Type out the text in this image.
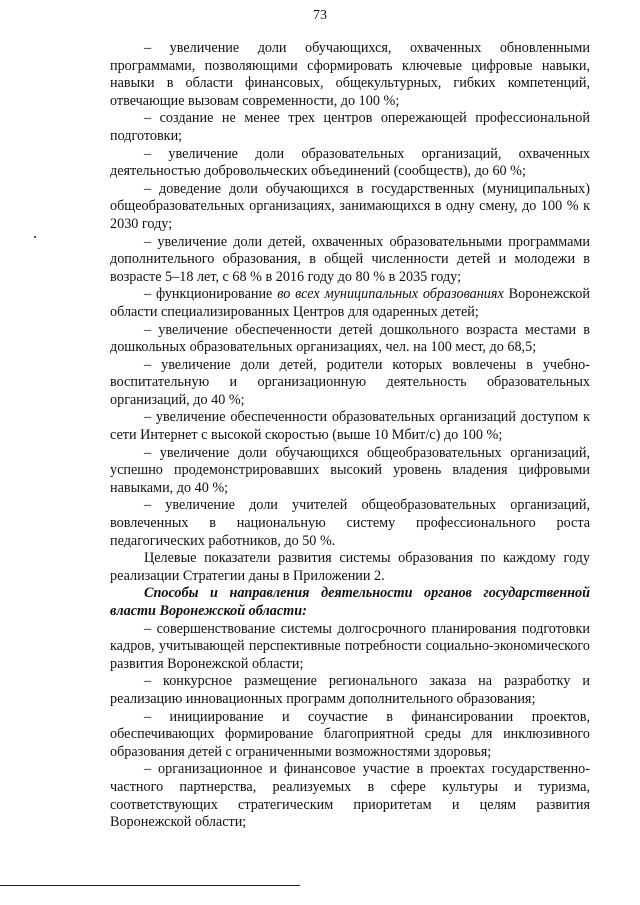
73

– увеличение доли обучающихся, охваченных обновленными программами, позволяющими сформировать ключевые цифровые навыки, навыки в области финансовых, общекультурных, гибких компетенций, отвечающие вызовам современности, до 100 %;

– создание не менее трех центров опережающей профессиональной подготовки;

– увеличение доли образовательных организаций, охваченных деятельностью добровольческих объединений (сообществ), до 60 %;

– доведение доли обучающихся в государственных (муниципальных) общеобразовательных организациях, занимающихся в одну смену, до 100 % к 2030 году;

– увеличение доли детей, охваченных образовательными программами дополнительного образования, в общей численности детей и молодежи в возрасте 5–18 лет, с 68 % в 2016 году до 80 % в 2035 году;

– функционирование во всех муниципальных образованиях Воронежской области специализированных Центров для одаренных детей;

– увеличение обеспеченности детей дошкольного возраста местами в дошкольных образовательных организациях, чел. на 100 мест, до 68,5;

– увеличение доли детей, родители которых вовлечены в учебно-воспитательную и организационную деятельность образовательных организаций, до 40 %;

– увеличение обеспеченности образовательных организаций доступом к сети Интернет с высокой скоростью (выше 10 Мбит/с) до 100 %;

– увеличение доли обучающихся общеобразовательных организаций, успешно продемонстрировавших высокий уровень владения цифровыми навыками, до 40 %;

– увеличение доли учителей общеобразовательных организаций, вовлеченных в национальную систему профессионального роста педагогических работников, до 50 %.

Целевые показатели развития системы образования по каждому году реализации Стратегии даны в Приложении 2.

Способы и направления деятельности органов государственной власти Воронежской области:

– совершенствование системы долгосрочного планирования подготовки кадров, учитывающей перспективные потребности социально-экономического развития Воронежской области;

– конкурсное размещение регионального заказа на разработку и реализацию инновационных программ дополнительного образования;

– инициирование и соучастие в финансировании проектов, обеспечивающих формирование благоприятной среды для инклюзивного образования детей с ограниченными возможностями здоровья;

– организационное и финансовое участие в проектах государственно-частного партнерства, реализуемых в сфере культуры и туризма, соответствующих стратегическим приоритетам и целям развития Воронежской области;
